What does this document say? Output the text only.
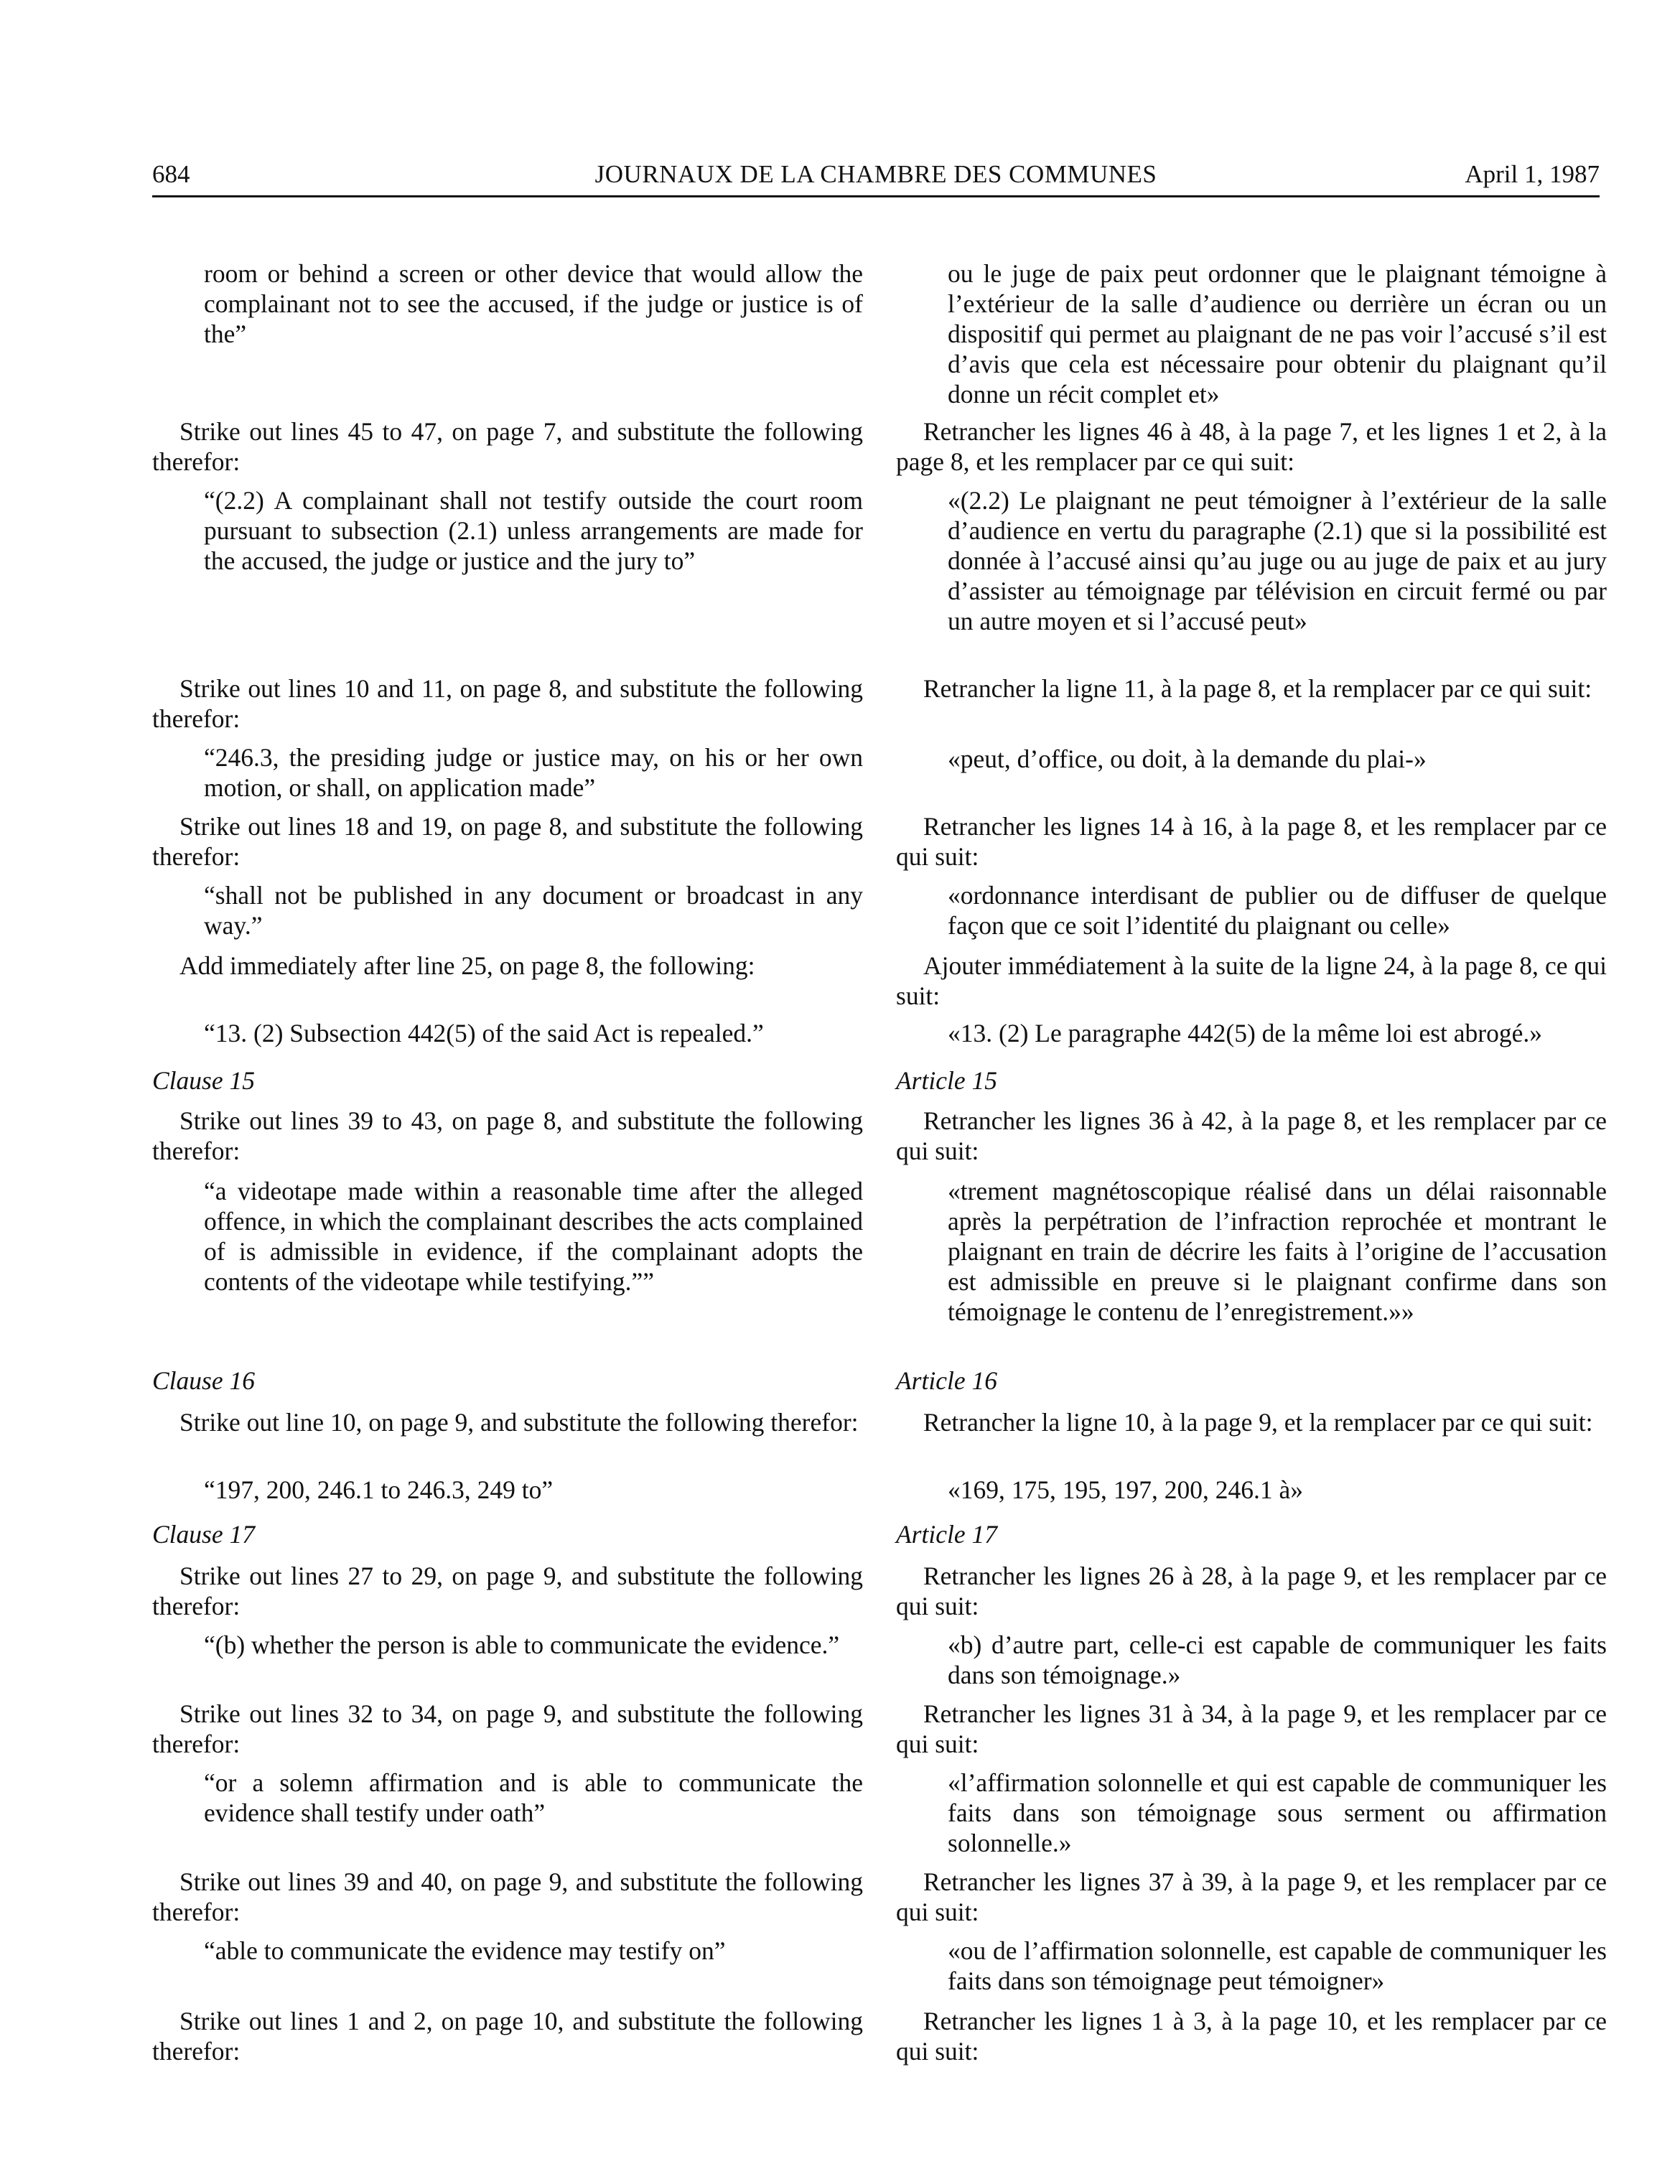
684	JOURNAUX DE LA CHAMBRE DES COMMUNES	April 1, 1987
room or behind a screen or other device that would allow the complainant not to see the accused, if the judge or justice is of the”
Strike out lines 45 to 47, on page 7, and substitute the following therefor:
“(2.2) A complainant shall not testify outside the court room pursuant to subsection (2.1) unless arrangements are made for the accused, the judge or justice and the jury to”
Strike out lines 10 and 11, on page 8, and substitute the following therefor:
“246.3, the presiding judge or justice may, on his or her own motion, or shall, on application made”
Strike out lines 18 and 19, on page 8, and substitute the following therefor:
“shall not be published in any document or broadcast in any way.”
Add immediately after line 25, on page 8, the following:
“13. (2) Subsection 442(5) of the said Act is repealed.”
Clause 15
Strike out lines 39 to 43, on page 8, and substitute the following therefor:
“a videotape made within a reasonable time after the alleged offence, in which the complainant describes the acts complained of is admissible in evidence, if the complainant adopts the contents of the videotape while testifying.””
Clause 16
Strike out line 10, on page 9, and substitute the following therefor:
“197, 200, 246.1 to 246.3, 249 to”
Clause 17
Strike out lines 27 to 29, on page 9, and substitute the following therefor:
“(b) whether the person is able to communicate the evidence.”
Strike out lines 32 to 34, on page 9, and substitute the following therefor:
“or a solemn affirmation and is able to communicate the evidence shall testify under oath”
Strike out lines 39 and 40, on page 9, and substitute the following therefor:
“able to communicate the evidence may testify on”
Strike out lines 1 and 2, on page 10, and substitute the following therefor:
ou le juge de paix peut ordonner que le plaignant témoigne à l’extérieur de la salle d’audience ou derrière un écran ou un dispositif qui permet au plaignant de ne pas voir l’accusé s’il est d’avis que cela est nécessaire pour obtenir du plaignant qu’il donne un récit complet et»
Retrancher les lignes 46 à 48, à la page 7, et les lignes 1 et 2, à la page 8, et les remplacer par ce qui suit:
«(2.2) Le plaignant ne peut témoigner à l’extérieur de la salle d’audience en vertu du paragraphe (2.1) que si la possibilité est donnée à l’accusé ainsi qu’au juge ou au juge de paix et au jury d’assister au témoignage par télévision en circuit fermé ou par un autre moyen et si l’accusé peut»
Retrancher la ligne 11, à la page 8, et la remplacer par ce qui suit:
«peut, d’office, ou doit, à la demande du plai-»
Retrancher les lignes 14 à 16, à la page 8, et les remplacer par ce qui suit:
«ordonnance interdisant de publier ou de diffuser de quelque façon que ce soit l’identité du plaignant ou celle»
Ajouter immédiatement à la suite de la ligne 24, à la page 8, ce qui suit:
«13. (2) Le paragraphe 442(5) de la même loi est abrogé.»
Article 15
Retrancher les lignes 36 à 42, à la page 8, et les remplacer par ce qui suit:
«trement magnétoscopique réalisé dans un délai raisonnable après la perpétration de l’infraction reprochée et montrant le plaignant en train de décrire les faits à l’origine de l’accusation est admissible en preuve si le plaignant confirme dans son témoignage le contenu de l’enregistrement.»»
Article 16
Retrancher la ligne 10, à la page 9, et la remplacer par ce qui suit:
«169, 175, 195, 197, 200, 246.1 à»
Article 17
Retrancher les lignes 26 à 28, à la page 9, et les remplacer par ce qui suit:
«b) d’autre part, celle-ci est capable de communiquer les faits dans son témoignage.»
Retrancher les lignes 31 à 34, à la page 9, et les remplacer par ce qui suit:
«l’affirmation solonnelle et qui est capable de communiquer les faits dans son témoignage sous serment ou affirmation solonnelle.»
Retrancher les lignes 37 à 39, à la page 9, et les remplacer par ce qui suit:
«ou de l’affirmation solonnelle, est capable de communiquer les faits dans son témoignage peut témoigner»
Retrancher les lignes 1 à 3, à la page 10, et les remplacer par ce qui suit:
